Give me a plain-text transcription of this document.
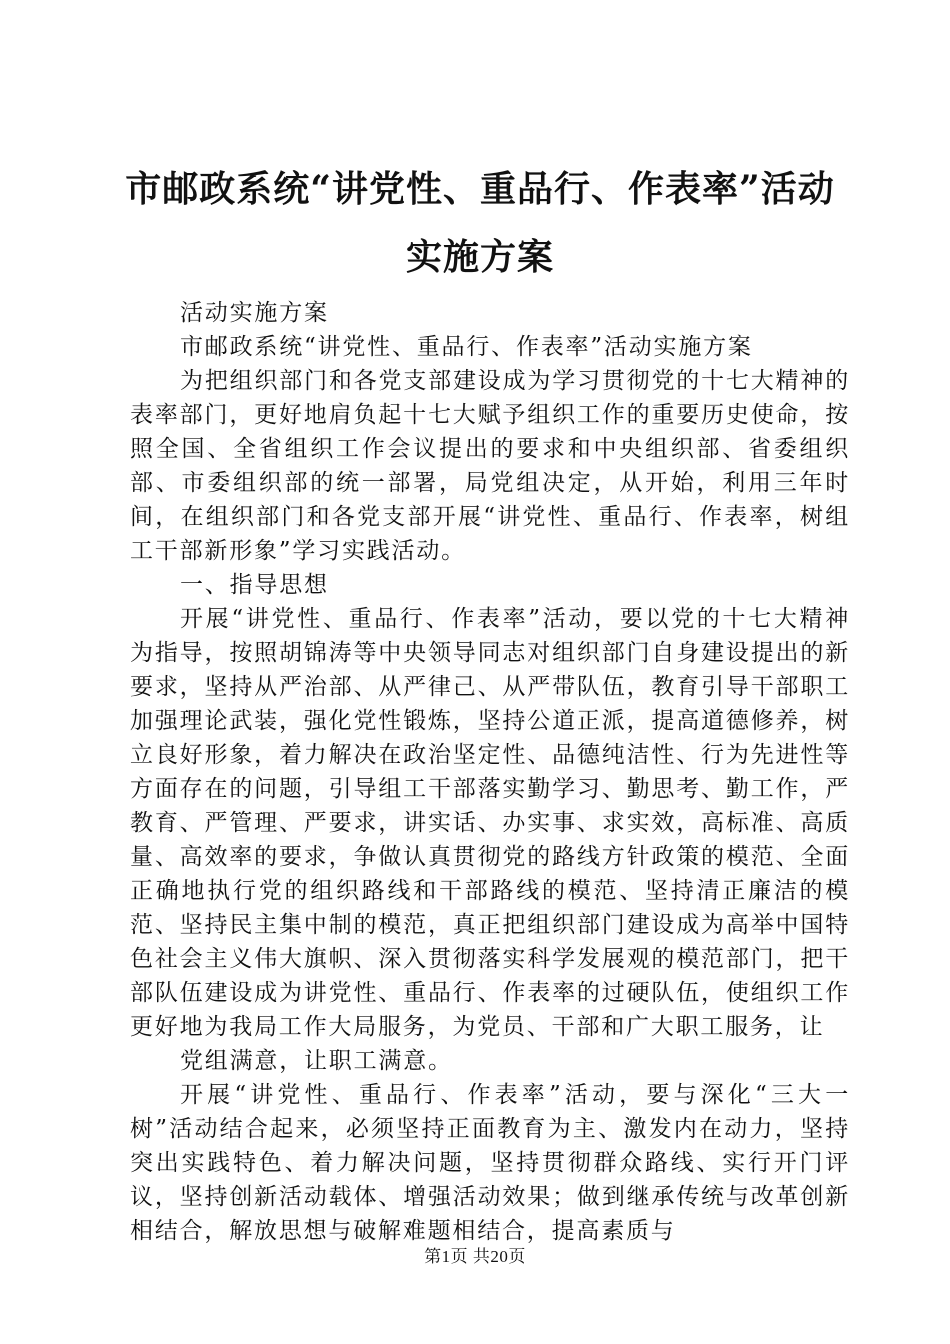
市邮政系统“讲党性、重品行、作表率”活动
实施方案

活动实施方案

市邮政系统“讲党性、重品行、作表率”活动实施方案

为把组织部门和各党支部建设成为学习贯彻党的十七大精神的表率部门，更好地肩负起十七大赋予组织工作的重要历史使命，按照全国、全省组织工作会议提出的要求和中央组织部、省委组织部、市委组织部的统一部署，局党组决定，从开始，利用三年时间，在组织部门和各党支部开展“讲党性、重品行、作表率，树组工干部新形象”学习实践活动。

一、指导思想

开展“讲党性、重品行、作表率”活动，要以党的十七大精神为指导，按照胡锦涛等中央领导同志对组织部门自身建设提出的新要求，坚持从严治部、从严律己、从严带队伍，教育引导干部职工加强理论武装，强化党性锻炼，坚持公道正派，提高道德修养，树立良好形象，着力解决在政治坚定性、品德纯洁性、行为先进性等方面存在的问题，引导组工干部落实勤学习、勤思考、勤工作，严教育、严管理、严要求，讲实话、办实事、求实效，高标准、高质量、高效率的要求，争做认真贯彻党的路线方针政策的模范、全面正确地执行党的组织路线和干部路线的模范、坚持清正廉洁的模范、坚持民主集中制的模范，真正把组织部门建设成为高举中国特色社会主义伟大旗帜、深入贯彻落实科学发展观的模范部门，把干部队伍建设成为讲党性、重品行、作表率的过硬队伍，使组织工作更好地为我局工作大局服务，为党员、干部和广大职工服务，让

党组满意，让职工满意。

开展“讲党性、重品行、作表率”活动，要与深化“三大一树”活动结合起来，必须坚持正面教育为主、激发内在动力，坚持突出实践特色、着力解决问题，坚持贯彻群众路线、实行开门评议，坚持创新活动载体、增强活动效果；做到继承传统与改革创新相结合，解放思想与破解难题相结合，提高素质与

第1页 共20页
